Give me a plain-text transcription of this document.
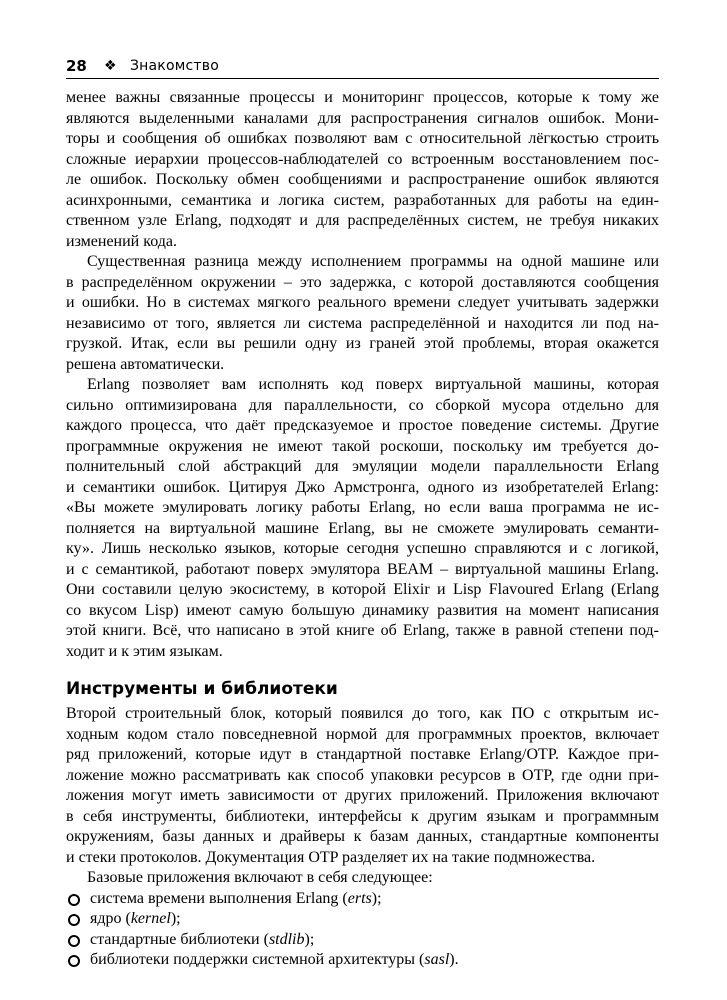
28 ❖ Знакомство
менее важны связанные процессы и мониторинг процессов, которые к тому же
являются выделенными каналами для распространения сигналов ошибок. Мони-
торы и сообщения об ошибках позволяют вам с относительной лёгкостью строить
сложные иерархии процессов-наблюдателей со встроенным восстановлением пос-
ле ошибок. Поскольку обмен сообщениями и распространение ошибок являются
асинхронными, семантика и логика систем, разработанных для работы на един-
ственном узле Erlang, подходят и для распределённых систем, не требуя никаких
изменений кода.
Существенная разница между исполнением программы на одной машине или
в распределённом окружении – это задержка, с которой доставляются сообщения
и ошибки. Но в системах мягкого реального времени следует учитывать задержки
независимо от того, является ли система распределённой и находится ли под на-
грузкой. Итак, если вы решили одну из граней этой проблемы, вторая окажется
решена автоматически.
Erlang позволяет вам исполнять код поверх виртуальной машины, которая
сильно оптимизирована для параллельности, со сборкой мусора отдельно для
каждого процесса, что даёт предсказуемое и простое поведение системы. Другие
программные окружения не имеют такой роскоши, поскольку им требуется до-
полнительный слой абстракций для эмуляции модели параллельности Erlang
и семантики ошибок. Цитируя Джо Армстронга, одного из изобретателей Erlang:
«Вы можете эмулировать логику работы Erlang, но если ваша программа не ис-
полняется на виртуальной машине Erlang, вы не сможете эмулировать семанти-
ку». Лишь несколько языков, которые сегодня успешно справляются и с логикой,
и с семантикой, работают поверх эмулятора BEAM – виртуальной машины Erlang.
Они составили целую экосистему, в которой Elixir и Lisp Flavoured Erlang (Erlang
со вкусом Lisp) имеют самую большую динамику развития на момент написания
этой книги. Всё, что написано в этой книге об Erlang, также в равной степени под-
ходит и к этим языкам.
Инструменты и библиотеки
Второй строительный блок, который появился до того, как ПО с открытым ис-
ходным кодом стало повседневной нормой для программных проектов, включает
ряд приложений, которые идут в стандартной поставке Erlang/OTP. Каждое при-
ложение можно рассматривать как способ упаковки ресурсов в OTP, где одни при-
ложения могут иметь зависимости от других приложений. Приложения включают
в себя инструменты, библиотеки, интерфейсы к другим языкам и программным
окружениям, базы данных и драйверы к базам данных, стандартные компоненты
и стеки протоколов. Документация OTP разделяет их на такие подмножества.
Базовые приложения включают в себя следующее:
система времени выполнения Erlang (erts);
ядро (kernel);
стандартные библиотеки (stdlib);
библиотеки поддержки системной архитектуры (sasl).
